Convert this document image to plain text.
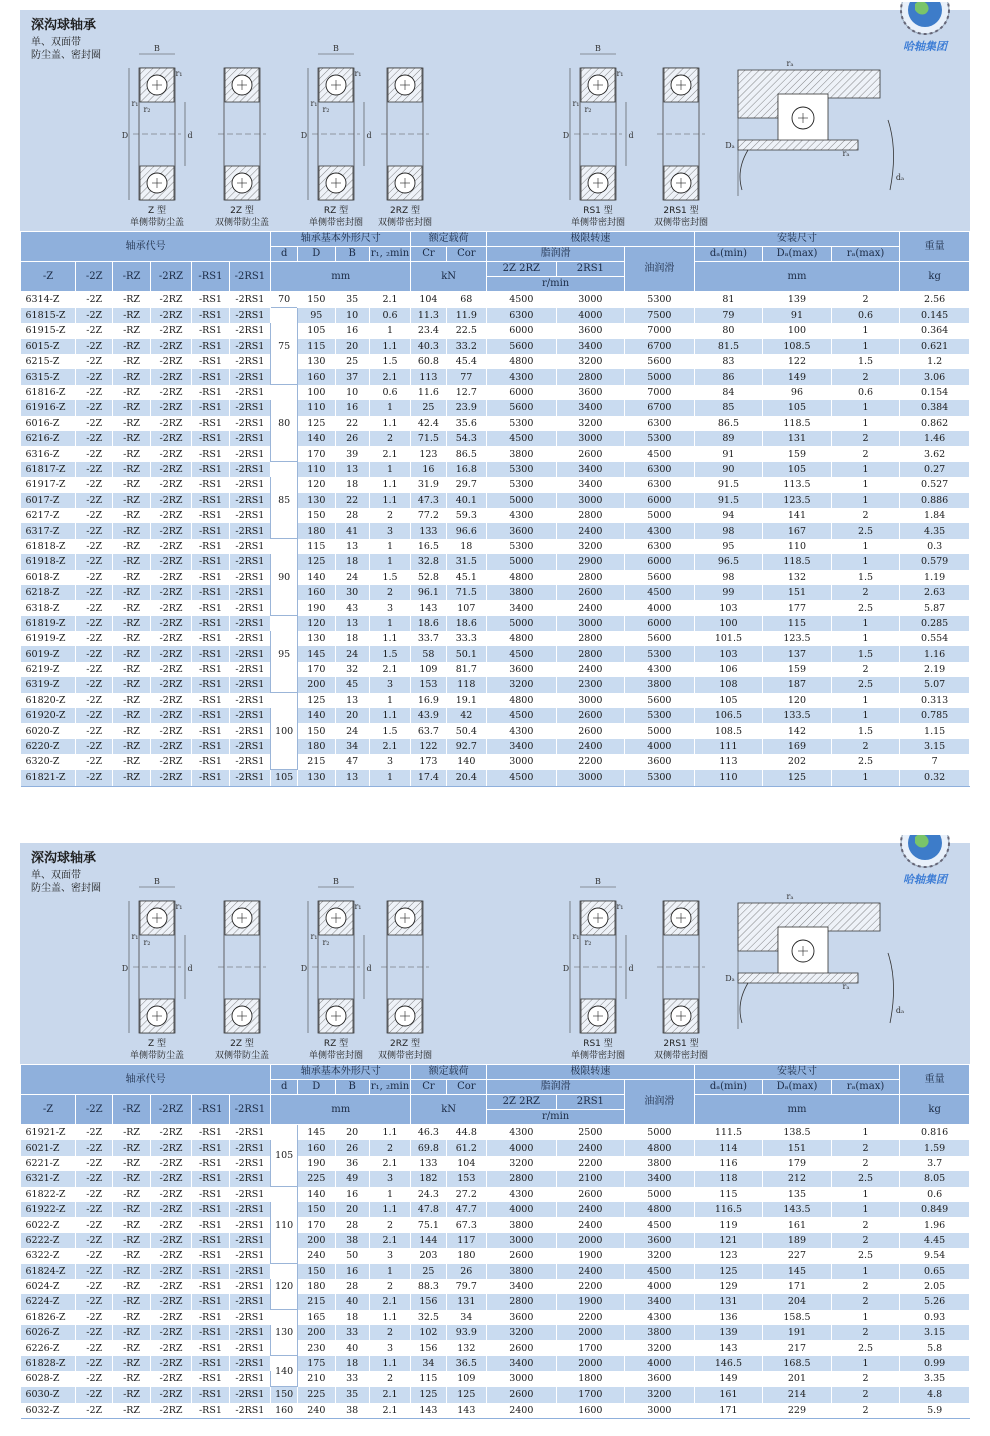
深沟球轴承
单、双面带
防尘盖、密封圈
哈轴集团
B
D	d
r₁
r₁
r₂
Z 型
单侧带防尘盖
2Z 型
双侧带防尘盖
B
D	d
r₁
r₁
r₂
RZ 型
单侧带密封圈
2RZ 型
双侧带密封圈
B
D	d
r₁
r₁
r₂
RS1 型
单侧带密封圈
2RS1 型
双侧带密封圈
Dₐ
rₐ
rₐ
dₐ
轴承代号						轴承基本外形尺寸				额定载荷		极限转速			安装尺寸			重量
						d	D	B	r₁, ₂min	Cr	Cor	脂润滑		油润滑	dₐ(min)	Dₐ(max)	rₐ(max)	
-Z	-2Z	-RZ	-2RZ	-RS1	-2RS1	mm				kN		2Z 2RZ	2RS1		mm			kg
												r/min						
6314-Z	-2Z	-RZ	-2RZ	-RS1	-2RS1	70	150	35	2.1	104	68	4500	3000	5300	81	139	2	2.56
61815-Z	-2Z	-RZ	-2RZ	-RS1	-2RS1	75	95	10	0.6	11.3	11.9	6300	4000	7500	79	91	0.6	0.145
61915-Z	-2Z	-RZ	-2RZ	-RS1	-2RS1		105	16	1	23.4	22.5	6000	3600	7000	80	100	1	0.364
6015-Z	-2Z	-RZ	-2RZ	-RS1	-2RS1		115	20	1.1	40.3	33.2	5600	3400	6700	81.5	108.5	1	0.621
6215-Z	-2Z	-RZ	-2RZ	-RS1	-2RS1		130	25	1.5	60.8	45.4	4800	3200	5600	83	122	1.5	1.2
6315-Z	-2Z	-RZ	-2RZ	-RS1	-2RS1		160	37	2.1	113	77	4300	2800	5000	86	149	2	3.06
61816-Z	-2Z	-RZ	-2RZ	-RS1	-2RS1	80	100	10	0.6	11.6	12.7	6000	3600	7000	84	96	0.6	0.154
61916-Z	-2Z	-RZ	-2RZ	-RS1	-2RS1		110	16	1	25	23.9	5600	3400	6700	85	105	1	0.384
6016-Z	-2Z	-RZ	-2RZ	-RS1	-2RS1		125	22	1.1	42.4	35.6	5300	3200	6300	86.5	118.5	1	0.862
6216-Z	-2Z	-RZ	-2RZ	-RS1	-2RS1		140	26	2	71.5	54.3	4500	3000	5300	89	131	2	1.46
6316-Z	-2Z	-RZ	-2RZ	-RS1	-2RS1		170	39	2.1	123	86.5	3800	2600	4500	91	159	2	3.62
61817-Z	-2Z	-RZ	-2RZ	-RS1	-2RS1	85	110	13	1	16	16.8	5300	3400	6300	90	105	1	0.27
61917-Z	-2Z	-RZ	-2RZ	-RS1	-2RS1		120	18	1.1	31.9	29.7	5300	3400	6300	91.5	113.5	1	0.527
6017-Z	-2Z	-RZ	-2RZ	-RS1	-2RS1		130	22	1.1	47.3	40.1	5000	3000	6000	91.5	123.5	1	0.886
6217-Z	-2Z	-RZ	-2RZ	-RS1	-2RS1		150	28	2	77.2	59.3	4300	2800	5000	94	141	2	1.84
6317-Z	-2Z	-RZ	-2RZ	-RS1	-2RS1		180	41	3	133	96.6	3600	2400	4300	98	167	2.5	4.35
61818-Z	-2Z	-RZ	-2RZ	-RS1	-2RS1	90	115	13	1	16.5	18	5300	3200	6300	95	110	1	0.3
61918-Z	-2Z	-RZ	-2RZ	-RS1	-2RS1		125	18	1	32.8	31.5	5000	2900	6000	96.5	118.5	1	0.579
6018-Z	-2Z	-RZ	-2RZ	-RS1	-2RS1		140	24	1.5	52.8	45.1	4800	2800	5600	98	132	1.5	1.19
6218-Z	-2Z	-RZ	-2RZ	-RS1	-2RS1		160	30	2	96.1	71.5	3800	2600	4500	99	151	2	2.63
6318-Z	-2Z	-RZ	-2RZ	-RS1	-2RS1		190	43	3	143	107	3400	2400	4000	103	177	2.5	5.87
61819-Z	-2Z	-RZ	-2RZ	-RS1	-2RS1	95	120	13	1	18.6	18.6	5000	3000	6000	100	115	1	0.285
61919-Z	-2Z	-RZ	-2RZ	-RS1	-2RS1		130	18	1.1	33.7	33.3	4800	2800	5600	101.5	123.5	1	0.554
6019-Z	-2Z	-RZ	-2RZ	-RS1	-2RS1		145	24	1.5	58	50.1	4500	2800	5300	103	137	1.5	1.16
6219-Z	-2Z	-RZ	-2RZ	-RS1	-2RS1		170	32	2.1	109	81.7	3600	2400	4300	106	159	2	2.19
6319-Z	-2Z	-RZ	-2RZ	-RS1	-2RS1		200	45	3	153	118	3200	2300	3800	108	187	2.5	5.07
61820-Z	-2Z	-RZ	-2RZ	-RS1	-2RS1	100	125	13	1	16.9	19.1	4800	3000	5600	105	120	1	0.313
61920-Z	-2Z	-RZ	-2RZ	-RS1	-2RS1		140	20	1.1	43.9	42	4500	2600	5300	106.5	133.5	1	0.785
6020-Z	-2Z	-RZ	-2RZ	-RS1	-2RS1		150	24	1.5	63.7	50.4	4300	2600	5000	108.5	142	1.5	1.15
6220-Z	-2Z	-RZ	-2RZ	-RS1	-2RS1		180	34	2.1	122	92.7	3400	2400	4000	111	169	2	3.15
6320-Z	-2Z	-RZ	-2RZ	-RS1	-2RS1		215	47	3	173	140	3000	2200	3600	113	202	2.5	7
61821-Z	-2Z	-RZ	-2RZ	-RS1	-2RS1	105	130	13	1	17.4	20.4	4500	3000	5300	110	125	1	0.32
深沟球轴承
单、双面带
防尘盖、密封圈
哈轴集团
B
D	d
r₁
r₁
r₂
Z 型
单侧带防尘盖
2Z 型
双侧带防尘盖
B
D	d
r₁
r₁
r₂
RZ 型
单侧带密封圈
2RZ 型
双侧带密封圈
B
D	d
r₁
r₁
r₂
RS1 型
单侧带密封圈
2RS1 型
双侧带密封圈
Dₐ
rₐ
rₐ
dₐ
轴承代号						轴承基本外形尺寸				额定载荷		极限转速			安装尺寸			重量
						d	D	B	r₁, ₂min	Cr	Cor	脂润滑		油润滑	dₐ(min)	Dₐ(max)	rₐ(max)	
-Z	-2Z	-RZ	-2RZ	-RS1	-2RS1	mm				kN		2Z 2RZ	2RS1		mm			kg
												r/min						
61921-Z	-2Z	-RZ	-2RZ	-RS1	-2RS1	105	145	20	1.1	46.3	44.8	4300	2500	5000	111.5	138.5	1	0.816
6021-Z	-2Z	-RZ	-2RZ	-RS1	-2RS1		160	26	2	69.8	61.2	4000	2400	4800	114	151	2	1.59
6221-Z	-2Z	-RZ	-2RZ	-RS1	-2RS1		190	36	2.1	133	104	3200	2200	3800	116	179	2	3.7
6321-Z	-2Z	-RZ	-2RZ	-RS1	-2RS1		225	49	3	182	153	2800	2100	3400	118	212	2.5	8.05
61822-Z	-2Z	-RZ	-2RZ	-RS1	-2RS1	110	140	16	1	24.3	27.2	4300	2600	5000	115	135	1	0.6
61922-Z	-2Z	-RZ	-2RZ	-RS1	-2RS1		150	20	1.1	47.8	47.7	4000	2400	4800	116.5	143.5	1	0.849
6022-Z	-2Z	-RZ	-2RZ	-RS1	-2RS1		170	28	2	75.1	67.3	3800	2400	4500	119	161	2	1.96
6222-Z	-2Z	-RZ	-2RZ	-RS1	-2RS1		200	38	2.1	144	117	3000	2000	3600	121	189	2	4.45
6322-Z	-2Z	-RZ	-2RZ	-RS1	-2RS1		240	50	3	203	180	2600	1900	3200	123	227	2.5	9.54
61824-Z	-2Z	-RZ	-2RZ	-RS1	-2RS1	120	150	16	1	25	26	3800	2400	4500	125	145	1	0.65
6024-Z	-2Z	-RZ	-2RZ	-RS1	-2RS1		180	28	2	88.3	79.7	3400	2200	4000	129	171	2	2.05
6224-Z	-2Z	-RZ	-2RZ	-RS1	-2RS1		215	40	2.1	156	131	2800	1900	3400	131	204	2	5.26
61826-Z	-2Z	-RZ	-2RZ	-RS1	-2RS1	130	165	18	1.1	32.5	34	3600	2200	4300	136	158.5	1	0.93
6026-Z	-2Z	-RZ	-2RZ	-RS1	-2RS1		200	33	2	102	93.9	3200	2000	3800	139	191	2	3.15
6226-Z	-2Z	-RZ	-2RZ	-RS1	-2RS1		230	40	3	156	132	2600	1700	3200	143	217	2.5	5.8
61828-Z	-2Z	-RZ	-2RZ	-RS1	-2RS1	140	175	18	1.1	34	36.5	3400	2000	4000	146.5	168.5	1	0.99
6028-Z	-2Z	-RZ	-2RZ	-RS1	-2RS1		210	33	2	115	109	3000	1800	3600	149	201	2	3.35
6030-Z	-2Z	-RZ	-2RZ	-RS1	-2RS1	150	225	35	2.1	125	125	2600	1700	3200	161	214	2	4.8
6032-Z	-2Z	-RZ	-2RZ	-RS1	-2RS1	160	240	38	2.1	143	143	2400	1600	3000	171	229	2	5.9
